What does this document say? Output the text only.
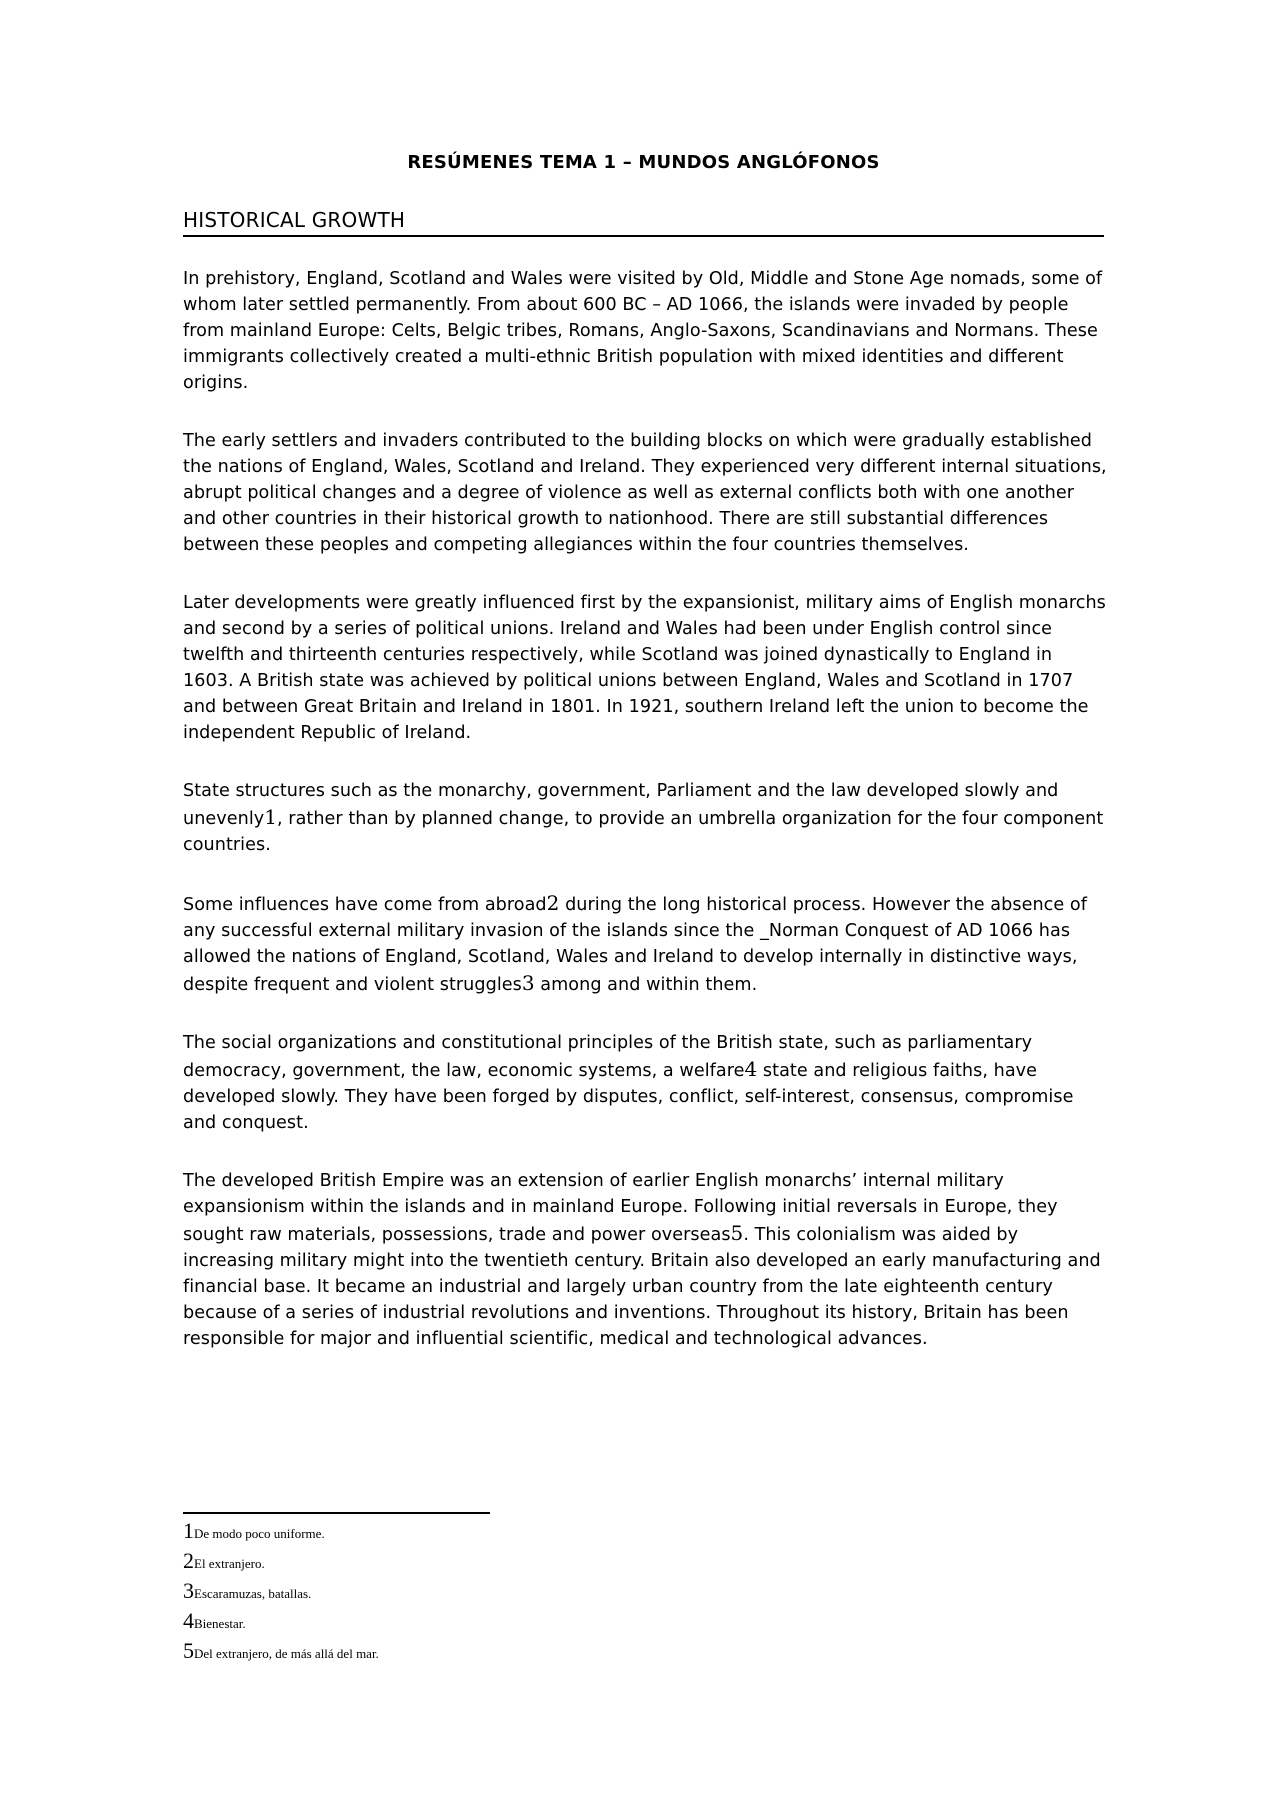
RESÚMENES TEMA 1 – MUNDOS ANGLÓFONOS
HISTORICAL GROWTH

In prehistory, England, Scotland and Wales were visited by Old, Middle and Stone Age nomads, some of whom later settled permanently. From about 600 BC – AD 1066, the islands were invaded by people from mainland Europe: Celts, Belgic tribes, Romans, Anglo-Saxons, Scandinavians and Normans. These immigrants collectively created a multi-ethnic British population with mixed identities and different origins.

The early settlers and invaders contributed to the building blocks on which were gradually established the nations of England, Wales, Scotland and Ireland. They experienced very different internal situations, abrupt political changes and a degree of violence as well as external conflicts both with one another and other countries in their historical growth to nationhood. There are still substantial differences between these peoples and competing allegiances within the four countries themselves.

Later developments were greatly influenced first by the expansionist, military aims of English monarchs and second by a series of political unions. Ireland and Wales had been under English control since twelfth and thirteenth centuries respectively, while Scotland was joined dynastically to England in 1603. A British state was achieved by political unions between England, Wales and Scotland in 1707 and between Great Britain and Ireland in 1801. In 1921, southern Ireland left the union to become the independent Republic of Ireland.

State structures such as the monarchy, government, Parliament and the law developed slowly and unevenly1, rather than by planned change, to provide an umbrella organization for the four component countries.

Some influences have come from abroad2 during the long historical process. However the absence of any successful external military invasion of the islands since the _Norman Conquest of AD 1066 has allowed the nations of England, Scotland, Wales and Ireland to develop internally in distinctive ways, despite frequent and violent struggles3 among and within them.

The social organizations and constitutional principles of the British state, such as parliamentary democracy, government, the law, economic systems, a welfare4 state and religious faiths, have developed slowly. They have been forged by disputes, conflict, self-interest, consensus, compromise and conquest.

The developed British Empire was an extension of earlier English monarchs’ internal military expansionism within the islands and in mainland Europe. Following initial reversals in Europe, they sought raw materials, possessions, trade and power overseas5. This colonialism was aided by increasing military might into the twentieth century. Britain also developed an early manufacturing and financial base. It became an industrial and largely urban country from the late eighteenth century because of a series of industrial revolutions and inventions. Throughout its history, Britain has been responsible for major and influential scientific, medical and technological advances.

1De modo poco uniforme.
2El extranjero.
3Escaramuzas, batallas.
4Bienestar.
5Del extranjero, de más allá del mar.
